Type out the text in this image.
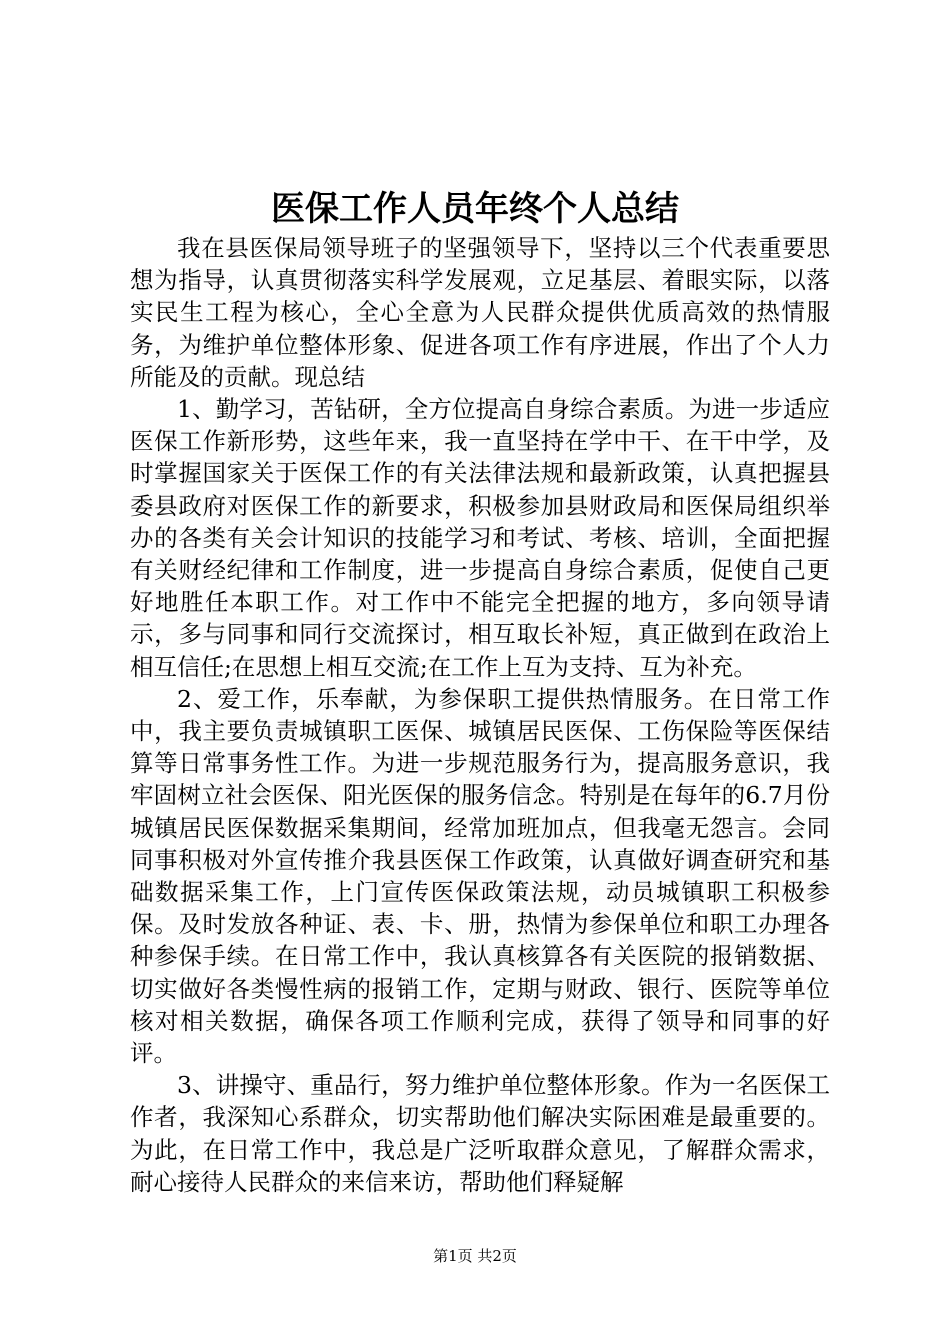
医保工作人员年终个人总结

我在县医保局领导班子的坚强领导下，坚持以三个代表重要思想为指导，认真贯彻落实科学发展观，立足基层、着眼实际，以落实民生工程为核心，全心全意为人民群众提供优质高效的热情服务，为维护单位整体形象、促进各项工作有序进展，作出了个人力所能及的贡献。现总结

1、勤学习，苦钻研，全方位提高自身综合素质。为进一步适应医保工作新形势，这些年来，我一直坚持在学中干、在干中学，及时掌握国家关于医保工作的有关法律法规和最新政策，认真把握县委县政府对医保工作的新要求，积极参加县财政局和医保局组织举办的各类有关会计知识的技能学习和考试、考核、培训，全面把握有关财经纪律和工作制度，进一步提高自身综合素质，促使自己更好地胜任本职工作。对工作中不能完全把握的地方，多向领导请示，多与同事和同行交流探讨，相互取长补短，真正做到在政治上相互信任;在思想上相互交流;在工作上互为支持、互为补充。

2、爱工作，乐奉献，为参保职工提供热情服务。在日常工作中，我主要负责城镇职工医保、城镇居民医保、工伤保险等医保结算等日常事务性工作。为进一步规范服务行为，提高服务意识，我牢固树立社会医保、阳光医保的服务信念。特别是在每年的6.7月份城镇居民医保数据采集期间，经常加班加点，但我毫无怨言。会同同事积极对外宣传推介我县医保工作政策，认真做好调查研究和基础数据采集工作，上门宣传医保政策法规，动员城镇职工积极参保。及时发放各种证、表、卡、册，热情为参保单位和职工办理各种参保手续。在日常工作中，我认真核算各有关医院的报销数据、切实做好各类慢性病的报销工作，定期与财政、银行、医院等单位核对相关数据，确保各项工作顺利完成，获得了领导和同事的好评。

3、讲操守、重品行，努力维护单位整体形象。作为一名医保工作者，我深知心系群众，切实帮助他们解决实际困难是最重要的。为此，在日常工作中，我总是广泛听取群众意见，了解群众需求，耐心接待人民群众的来信来访，帮助他们释疑解

第1页 共2页
